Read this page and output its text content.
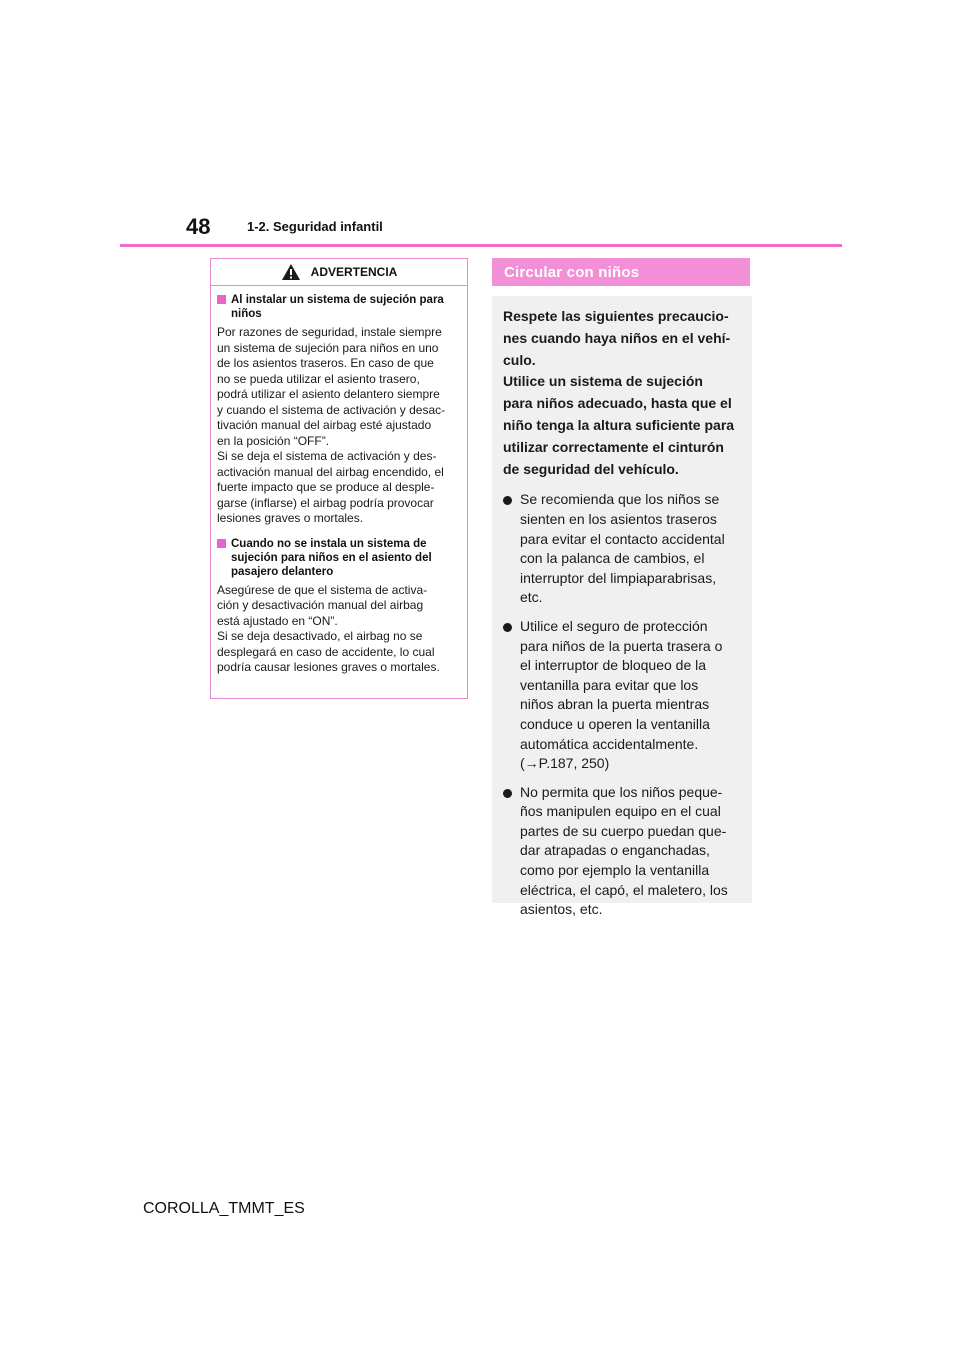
48	1-2. Seguridad infantil
ADVERTENCIA
Al instalar un sistema de sujeción para niños
Por razones de seguridad, instale siempre
un sistema de sujeción para niños en uno
de los asientos traseros. En caso de que
no se pueda utilizar el asiento trasero,
podrá utilizar el asiento delantero siempre
y cuando el sistema de activación y desac-
tivación manual del airbag esté ajustado
en la posición “OFF”.
Si se deja el sistema de activación y des-
activación manual del airbag encendido, el
fuerte impacto que se produce al desple-
garse (inflarse) el airbag podría provocar
lesiones graves o mortales.
Cuando no se instala un sistema de sujeción para niños en el asiento del pasajero delantero
Asegúrese de que el sistema de activa-
ción y desactivación manual del airbag
está ajustado en “ON”.
Si se deja desactivado, el airbag no se
desplegará en caso de accidente, lo cual
podría causar lesiones graves o mortales.
Circular con niños
Respete las siguientes precaucio-
nes cuando haya niños en el vehí-
culo.
Utilice un sistema de sujeción
para niños adecuado, hasta que el
niño tenga la altura suficiente para
utilizar correctamente el cinturón
de seguridad del vehículo.
Se recomienda que los niños se
sienten en los asientos traseros
para evitar el contacto accidental
con la palanca de cambios, el
interruptor del limpiaparabrisas,
etc.
Utilice el seguro de protección
para niños de la puerta trasera o
el interruptor de bloqueo de la
ventanilla para evitar que los
niños abran la puerta mientras
conduce u operen la ventanilla
automática accidentalmente.
(→P.187, 250)
No permita que los niños peque-
ños manipulen equipo en el cual
partes de su cuerpo puedan que-
dar atrapadas o enganchadas,
como por ejemplo la ventanilla
eléctrica, el capó, el maletero, los
asientos, etc.
COROLLA_TMMT_ES
